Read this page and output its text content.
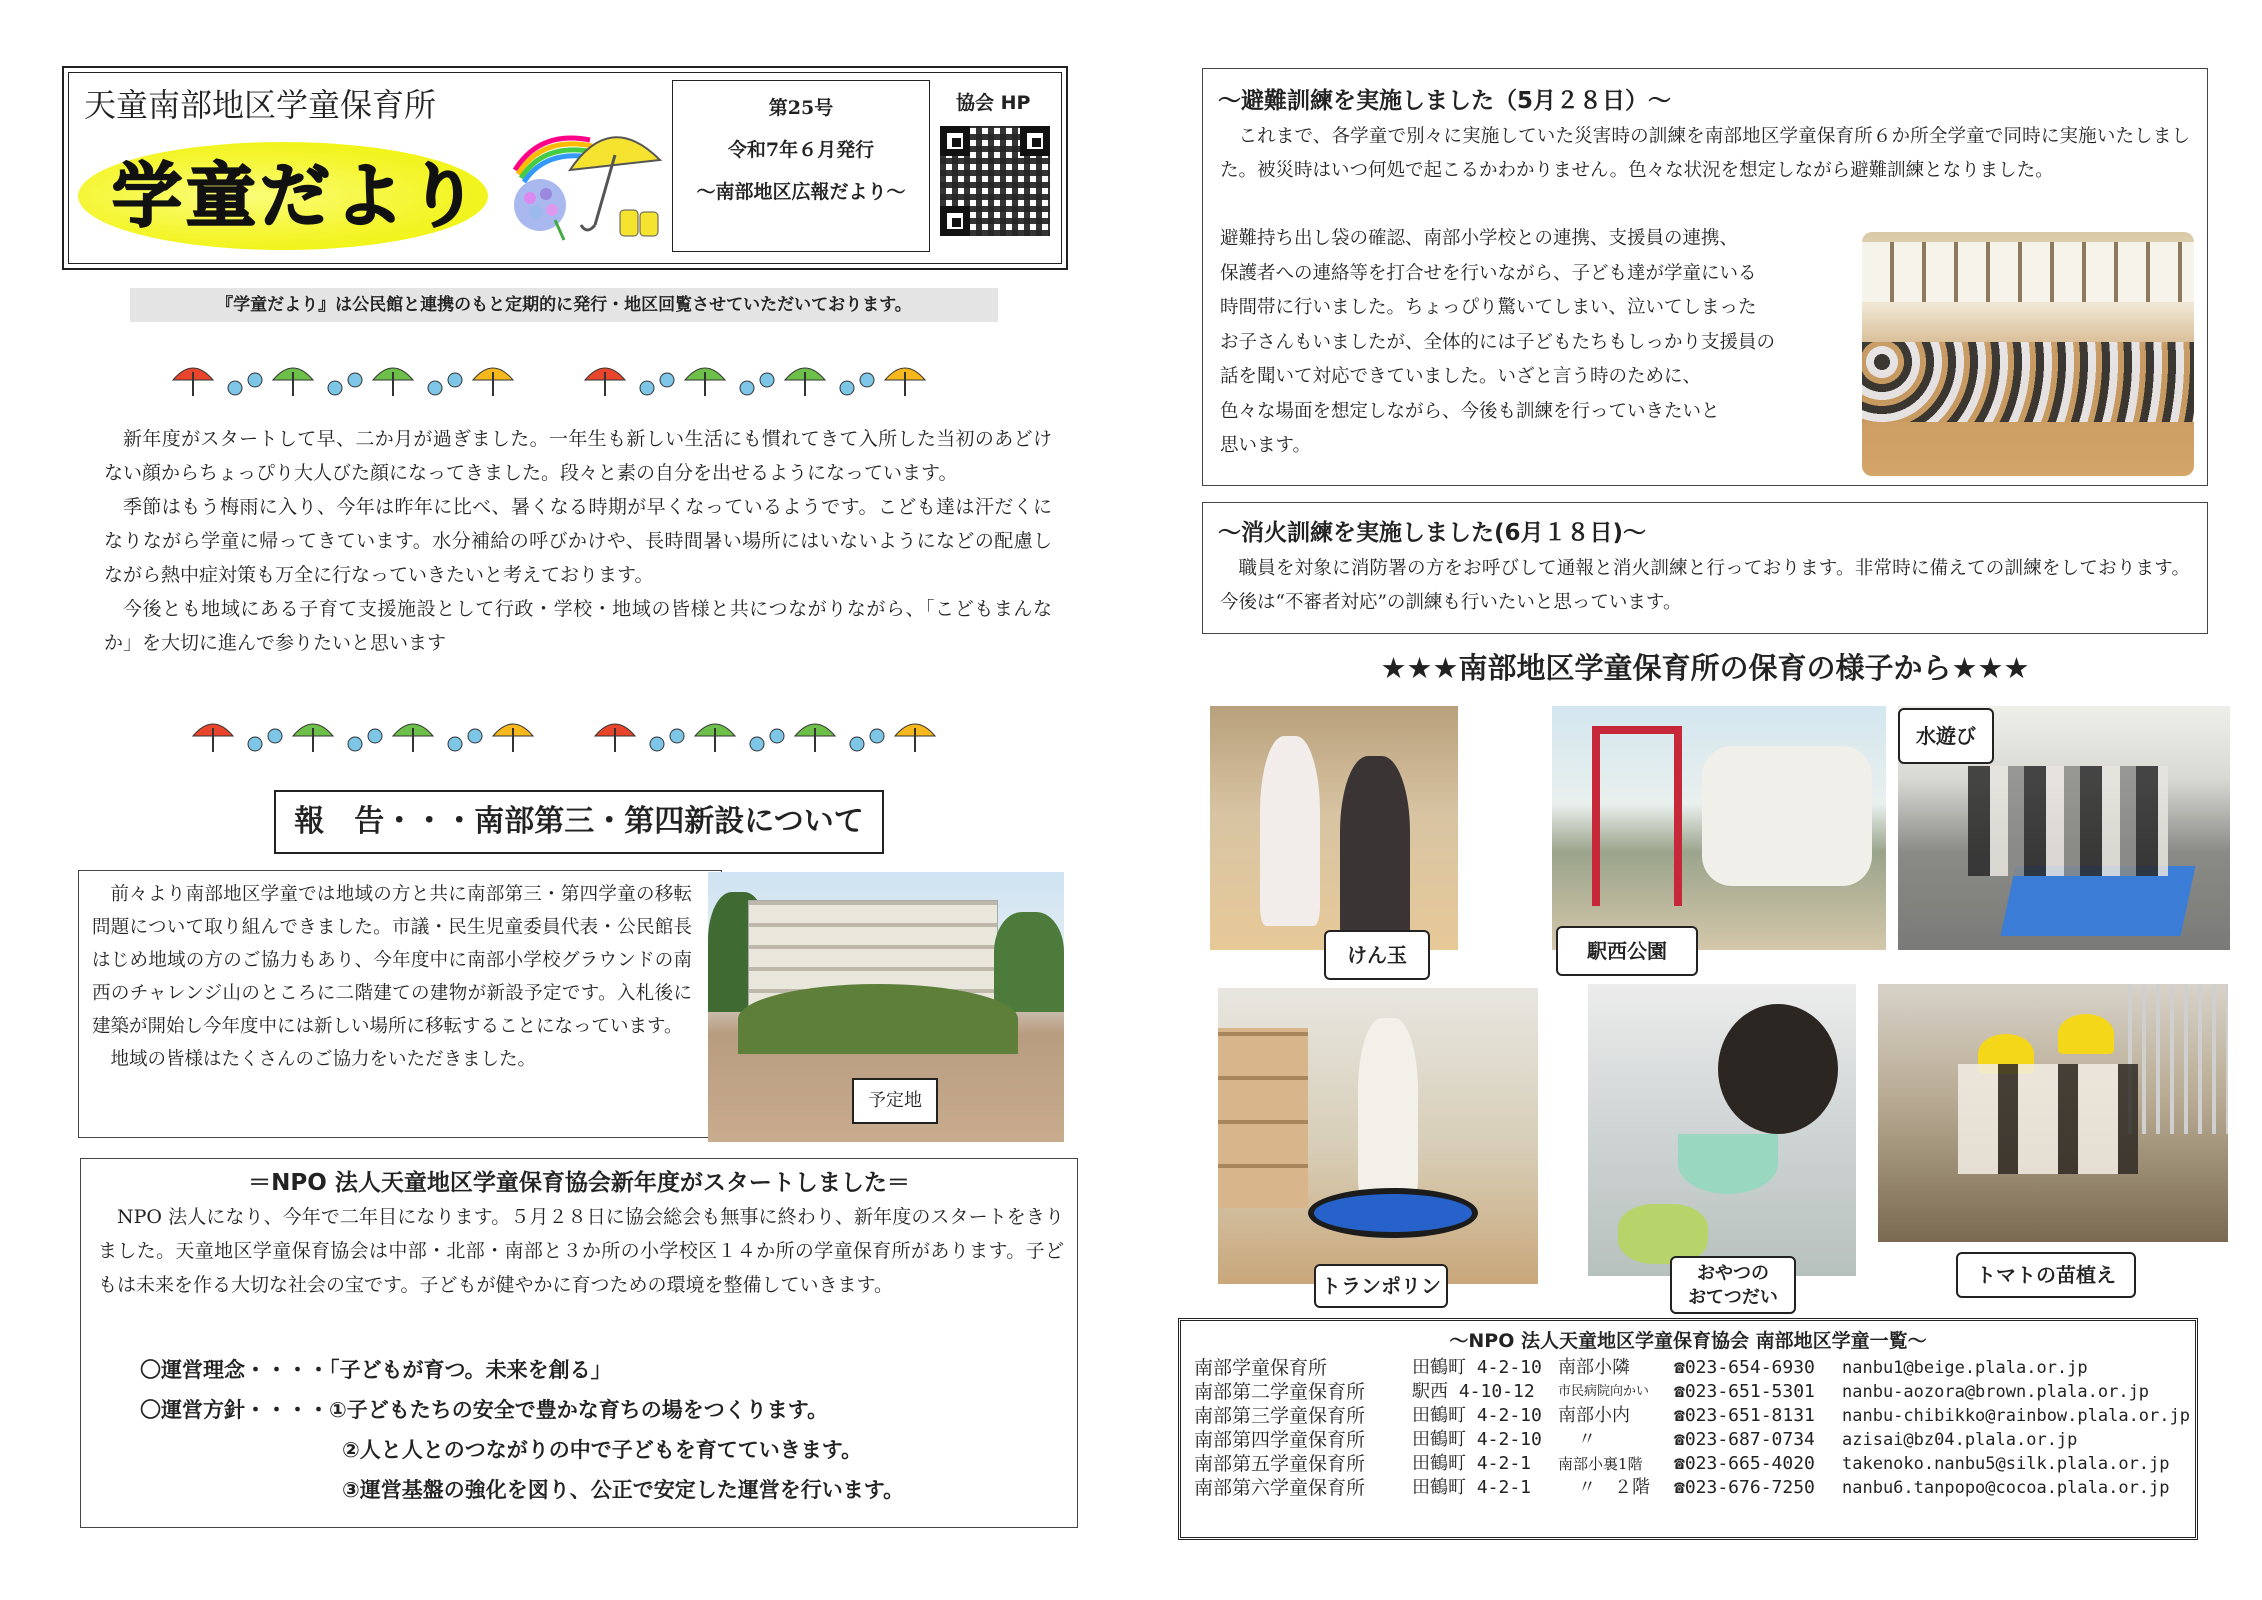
天童南部地区学童保育所
学童だより
第25号
令和7年６月発行
～南部地区広報だより～
協会 HP
『学童だより』は公民館と連携のもと定期的に発行・地区回覧させていただいております。

新年度がスタートして早、二か月が過ぎました。一年生も新しい生活にも慣れてきて入所した当初のあどけない顔からちょっぴり大人びた顔になってきました。段々と素の自分を出せるようになっています。

季節はもう梅雨に入り、今年は昨年に比べ、暑くなる時期が早くなっているようです。こども達は汗だくになりながら学童に帰ってきています。水分補給の呼びかけや、長時間暑い場所にはいないようになどの配慮しながら熱中症対策も万全に行なっていきたいと考えております。

今後とも地域にある子育て支援施設として行政・学校・地域の皆様と共につながりながら、「こどもまんなか」を大切に進んで参りたいと思います

報　告・・・南部第三・第四新設について

前々より南部地区学童では地域の方と共に南部第三・第四学童の移転問題について取り組んできました。市議・民生児童委員代表・公民館長はじめ地域の方のご協力もあり、今年度中に南部小学校グラウンドの南西のチャレンジ山のところに二階建ての建物が新設予定です。入札後に建築が開始し今年度中には新しい場所に移転することになっています。

地域の皆様はたくさんのご協力をいただきました。

予定地
＝NPO 法人天童地区学童保育協会新年度がスタートしました＝
NPO 法人になり、今年で二年目になります。５月２８日に協会総会も無事に終わり、新年度のスタートをきりました。天童地区学童保育協会は中部・北部・南部と３か所の小学校区１４か所の学童保育所があります。子どもは未来を作る大切な社会の宝です。子どもが健やかに育つための環境を整備していきます。

〇運営理念・・・・「子どもが育つ。未来を創る」

〇運営方針・・・・①子どもたちの安全で豊かな育ちの場をつくります。

②人と人とのつながりの中で子どもを育てていきます。

③運営基盤の強化を図り、公正で安定した運営を行います。

～避難訓練を実施しました（5月２８日）～
これまで、各学童で別々に実施していた災害時の訓練を南部地区学童保育所６か所全学童で同時に実施いたしました。被災時はいつ何処で起こるかわかりません。色々な状況を想定しながら避難訓練となりました。

避難持ち出し袋の確認、南部小学校との連携、支援員の連携、

保護者への連絡等を打合せを行いながら、子ども達が学童にいる

時間帯に行いました。ちょっぴり驚いてしまい、泣いてしまった

お子さんもいましたが、全体的には子どもたちもしっかり支援員の

話を聞いて対応できていました。いざと言う時のために、

色々な場面を想定しながら、今後も訓練を行っていきたいと

思います。

～消火訓練を実施しました(6月１８日)～
職員を対象に消防署の方をお呼びして通報と消火訓練と行っております。非常時に備えての訓練をしております。今後は“不審者対応”の訓練も行いたいと思っています。
★★★南部地区学童保育所の保育の様子から★★★
けん玉	駅西公園
水遊び
トランポリン
おやつの
おてつだい
トマトの苗植え
～NPO 法人天童地区学童保育協会 南部地区学童一覧～
南部学童保育所	田鶴町 4-2-10 南部小隣	☎023-654-6930	nanbu1@beige.plala.or.jp
南部第二学童保育所	駅西 4-10-12	市民病院向かい	☎023-651-5301	nanbu-aozora@brown.plala.or.jp
南部第三学童保育所	田鶴町 4-2-10 南部小内	☎023-651-8131	nanbu-chibikko@rainbow.plala.or.jp
南部第四学童保育所	田鶴町 4-2-10	〃	☎023-687-0734	azisai@bz04.plala.or.jp
南部第五学童保育所	田鶴町 4-2-1	南部小裏1階	☎023-665-4020	takenoko.nanbu5@silk.plala.or.jp
南部第六学童保育所	田鶴町 4-2-1	〃　２階	☎023-676-7250	nanbu6.tanpopo@cocoa.plala.or.jp
